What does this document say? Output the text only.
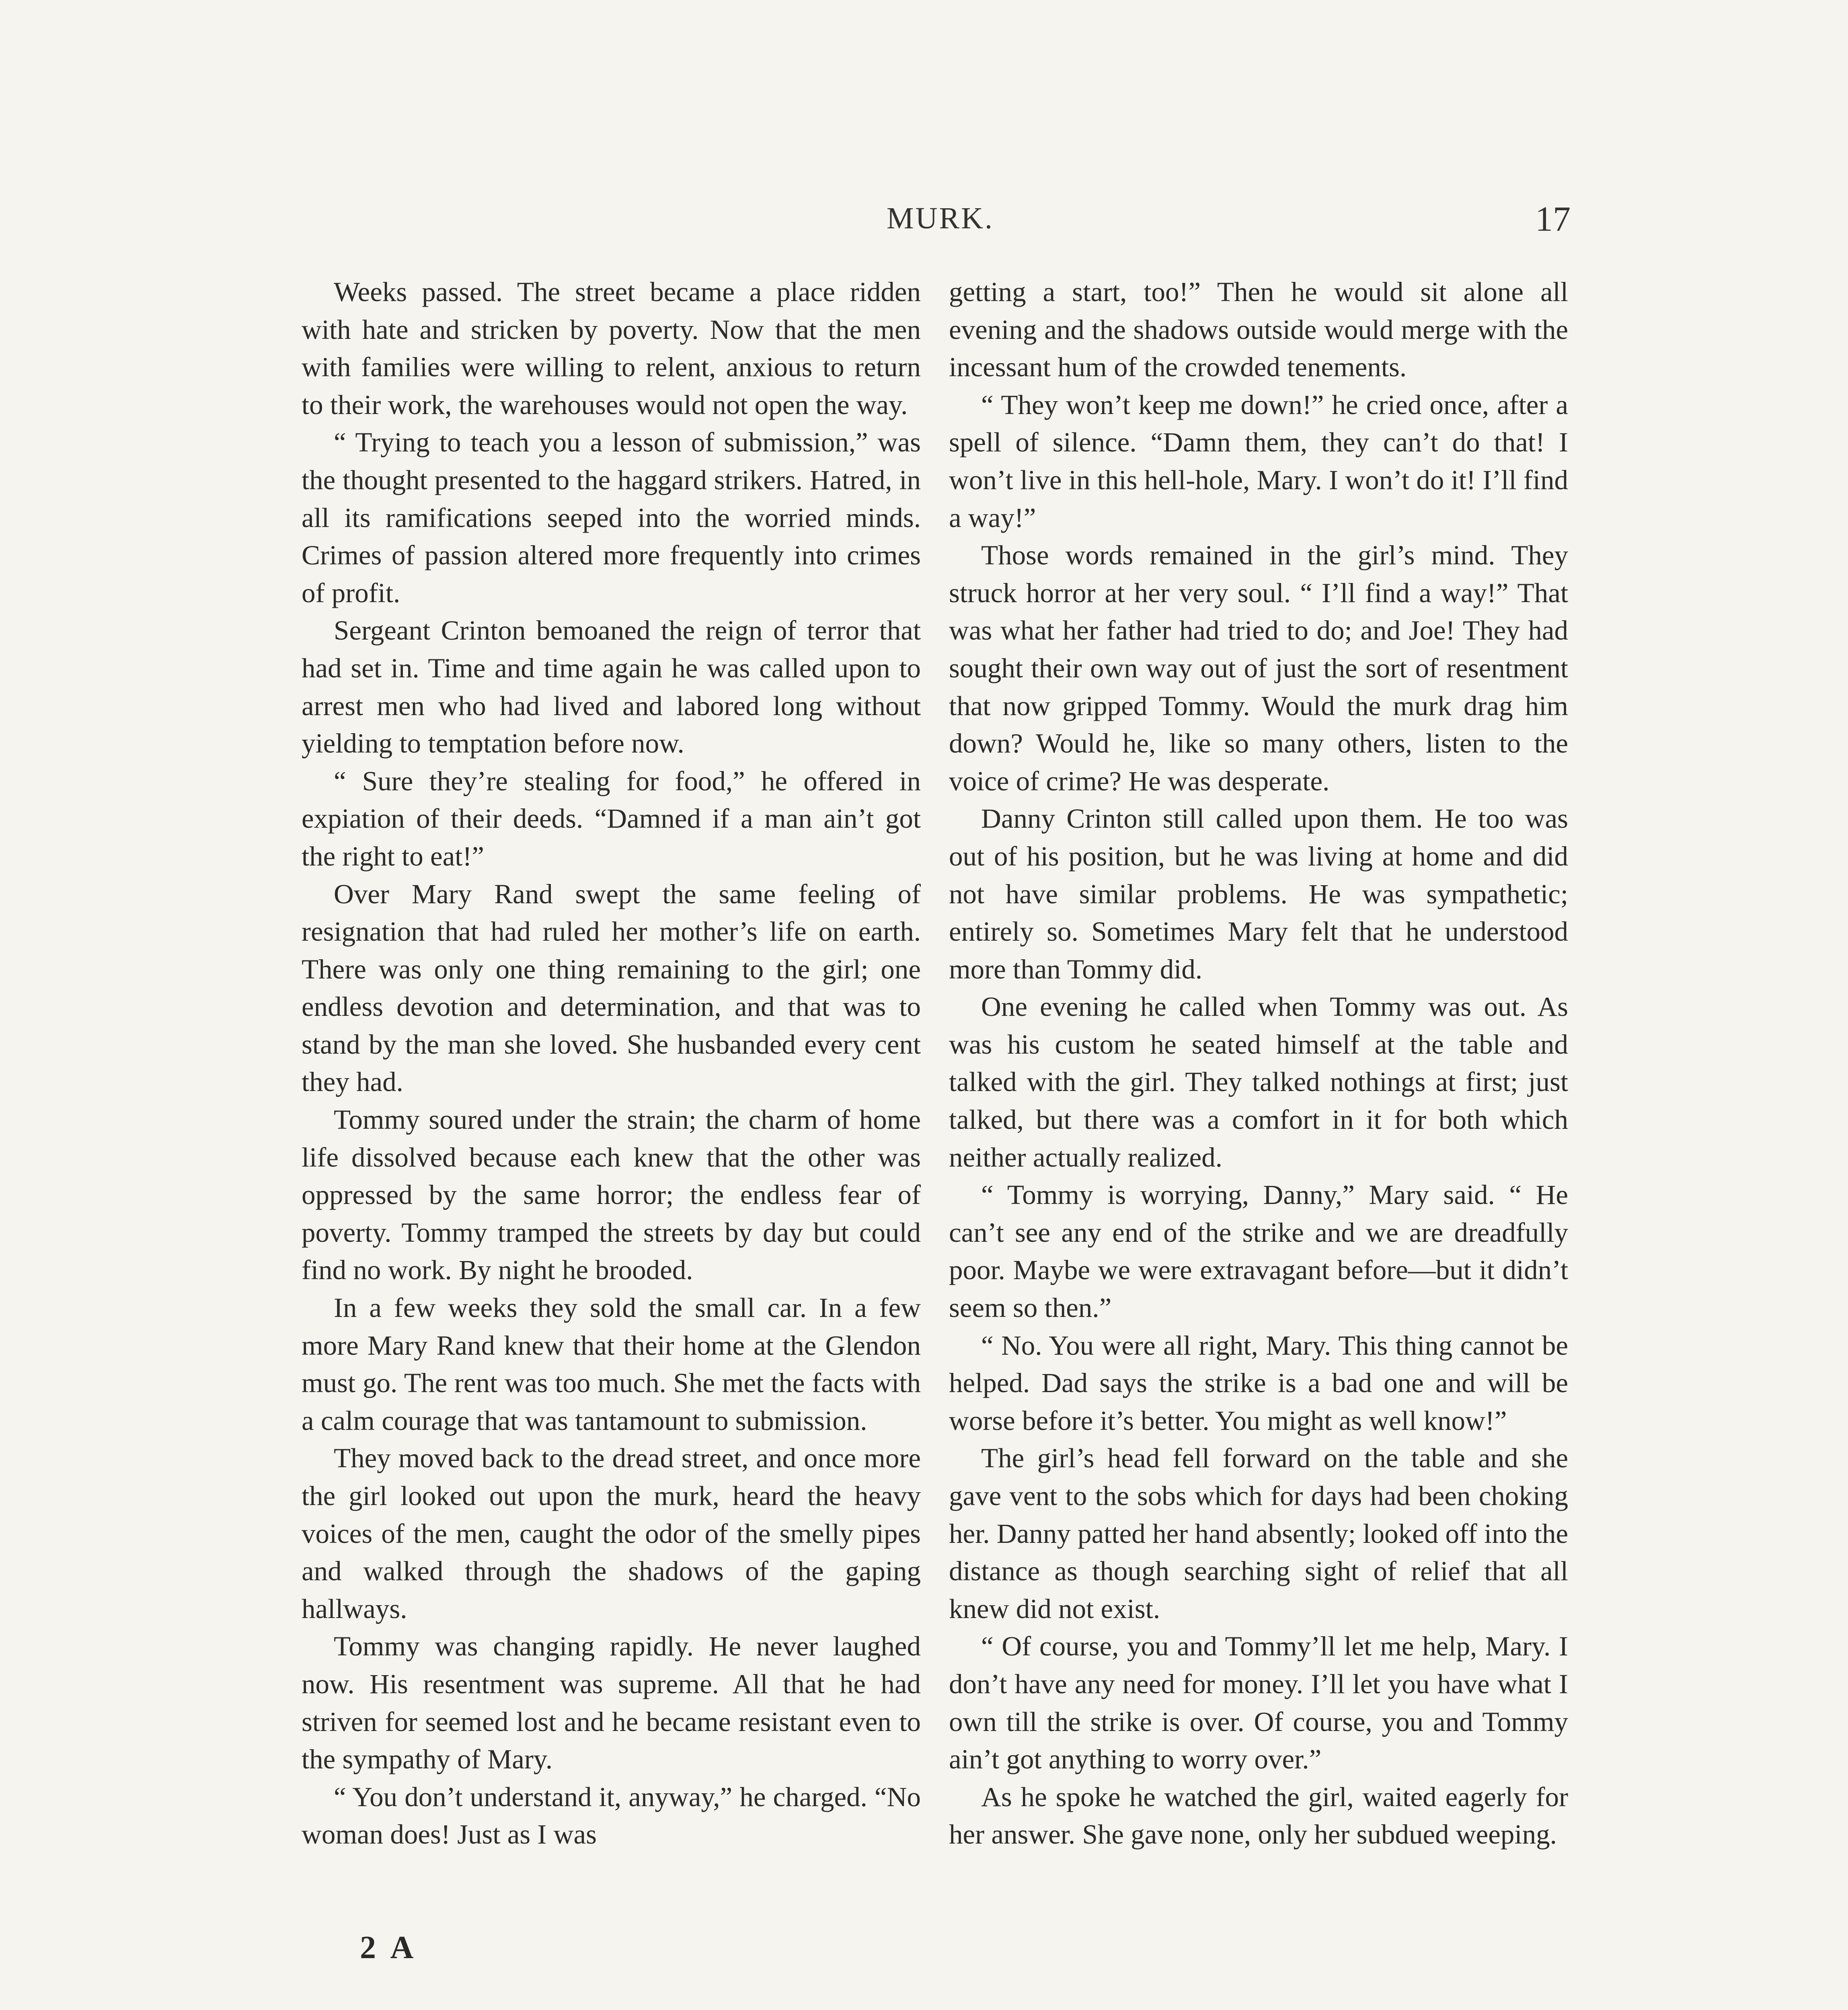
MURK.	17

Weeks passed. The street became a place ridden with hate and stricken by poverty. Now that the men with families were willing to relent, anxious to return to their work, the warehouses would not open the way.

“ Trying to teach you a lesson of submission,” was the thought presented to the haggard strikers. Hatred, in all its ramifications seeped into the worried minds. Crimes of passion altered more frequently into crimes of profit.

Sergeant Crinton bemoaned the reign of terror that had set in. Time and time again he was called upon to arrest men who had lived and labored long without yielding to temptation before now.

“ Sure they’re stealing for food,” he offered in expiation of their deeds. “Damned if a man ain’t got the right to eat!”

Over Mary Rand swept the same feeling of resignation that had ruled her mother’s life on earth. There was only one thing remaining to the girl; one endless devotion and determination, and that was to stand by the man she loved. She husbanded every cent they had.

Tommy soured under the strain; the charm of home life dissolved because each knew that the other was oppressed by the same horror; the endless fear of poverty. Tommy tramped the streets by day but could find no work. By night he brooded.

In a few weeks they sold the small car. In a few more Mary Rand knew that their home at the Glendon must go. The rent was too much. She met the facts with a calm courage that was tantamount to submission.

They moved back to the dread street, and once more the girl looked out upon the murk, heard the heavy voices of the men, caught the odor of the smelly pipes and walked through the shadows of the gaping hallways.

Tommy was changing rapidly. He never laughed now. His resentment was supreme. All that he had striven for seemed lost and he became resistant even to the sympathy of Mary.

“ You don’t understand it, anyway,” he charged. “No woman does! Just as I was

getting a start, too!” Then he would sit alone all evening and the shadows outside would merge with the incessant hum of the crowded tenements.

“ They won’t keep me down!” he cried once, after a spell of silence. “Damn them, they can’t do that! I won’t live in this hell-hole, Mary. I won’t do it! I’ll find a way!”

Those words remained in the girl’s mind. They struck horror at her very soul. “ I’ll find a way!” That was what her father had tried to do; and Joe! They had sought their own way out of just the sort of resentment that now gripped Tommy. Would the murk drag him down? Would he, like so many others, listen to the voice of crime? He was desperate.

Danny Crinton still called upon them. He too was out of his position, but he was living at home and did not have similar problems. He was sympathetic; entirely so. Sometimes Mary felt that he understood more than Tommy did.

One evening he called when Tommy was out. As was his custom he seated himself at the table and talked with the girl. They talked nothings at first; just talked, but there was a comfort in it for both which neither actually realized.

“ Tommy is worrying, Danny,” Mary said. “ He can’t see any end of the strike and we are dreadfully poor. Maybe we were extravagant before—but it didn’t seem so then.”

“ No. You were all right, Mary. This thing cannot be helped. Dad says the strike is a bad one and will be worse before it’s better. You might as well know!”

The girl’s head fell forward on the table and she gave vent to the sobs which for days had been choking her. Danny patted her hand absently; looked off into the distance as though searching sight of relief that all knew did not exist.

“ Of course, you and Tommy’ll let me help, Mary. I don’t have any need for money. I’ll let you have what I own till the strike is over. Of course, you and Tommy ain’t got anything to worry over.”

As he spoke he watched the girl, waited eagerly for her answer. She gave none, only her subdued weeping.

2 A
